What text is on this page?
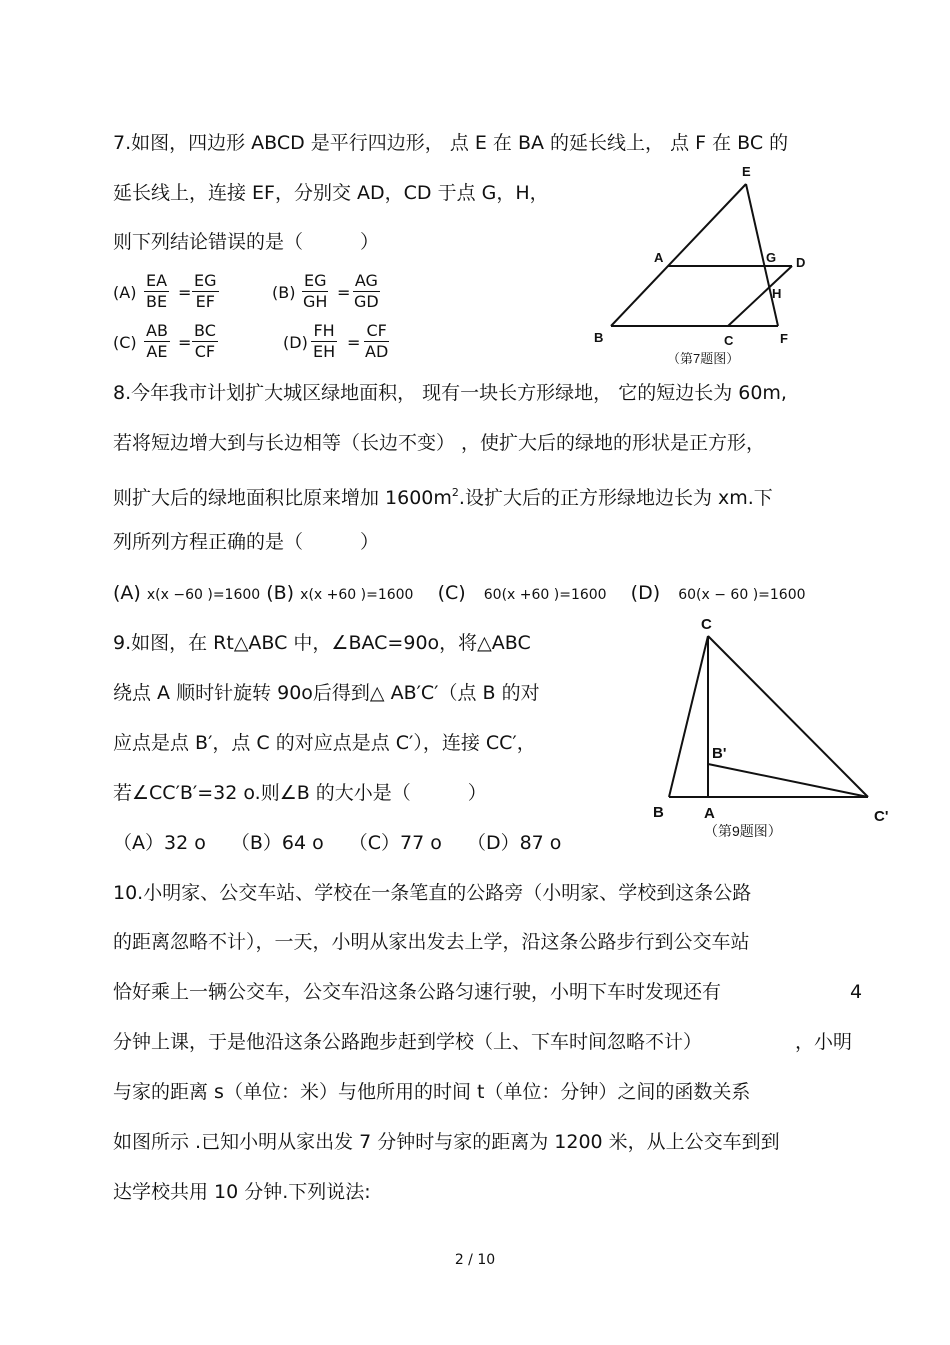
7.如图，四边形 ABCD 是平行四边形， 点 E 在 BA 的延长线上， 点 F 在 BC 的
延长线上，连接 EF，分别交 AD，CD 于点 G，H，
则下列结论错误的是（　　　）
$(A) \frac{EA}{BE} = \frac{EG}{EF}$	$(B) \frac{EG}{GH} = \frac{AG}{GD}$
$(C) \frac{AB}{AE} = \frac{BC}{CF}$	$(D) \frac{FH}{EH} = \frac{CF}{AD}$
E
A	G D
H
B	C	F
（第7题图）
8.今年我市计划扩大城区绿地面积， 现有一块长方形绿地， 它的短边长为 60m,
若将短边增大到与长边相等（长边不变） ，使扩大后的绿地的形状是正方形，
则扩大后的绿地面积比原来增加 $1600m^2$.设扩大后的正方形绿地边长为 xm.下
列所列方程正确的是（　　　）
(A) x(x −60 )=1600 (B) x(x +60 )=1600 (C) 60(x +60 )=1600 (D) 60(x − 60 )=1600
9.如图，在 Rt△ABC 中，∠BAC=90o，将△ABC
绕点 A 顺时针旋转 90o后得到△ AB′C′（点 B 的对
应点是点 B′，点 C 的对应点是点 C′），连接 CC′，
若∠CC′B′=32 o.则∠B 的大小是（　　　）
（A）32 o　 （B）64 o　 （C）77 o　 （D）87 o
C
B'
B	A	C'
（第9题图）
10.小明家、公交车站、学校在一条笔直的公路旁（小明家、学校到这条公路
的距离忽略不计），一天，小明从家出发去上学，沿这条公路步行到公交车站
恰好乘上一辆公交车，公交车沿这条公路匀速行驶，小明下车时发现还有	4
分钟上课，于是他沿这条公路跑步赶到学校（上、下车时间忽略不计）	，小明
与家的距离 s（单位：米）与他所用的时间 t（单位：分钟）之间的函数关系
如图所示 .已知小明从家出发 7 分钟时与家的距离为 1200 米，从上公交车到到
达学校共用 10 分钟.下列说法:
2 / 10
